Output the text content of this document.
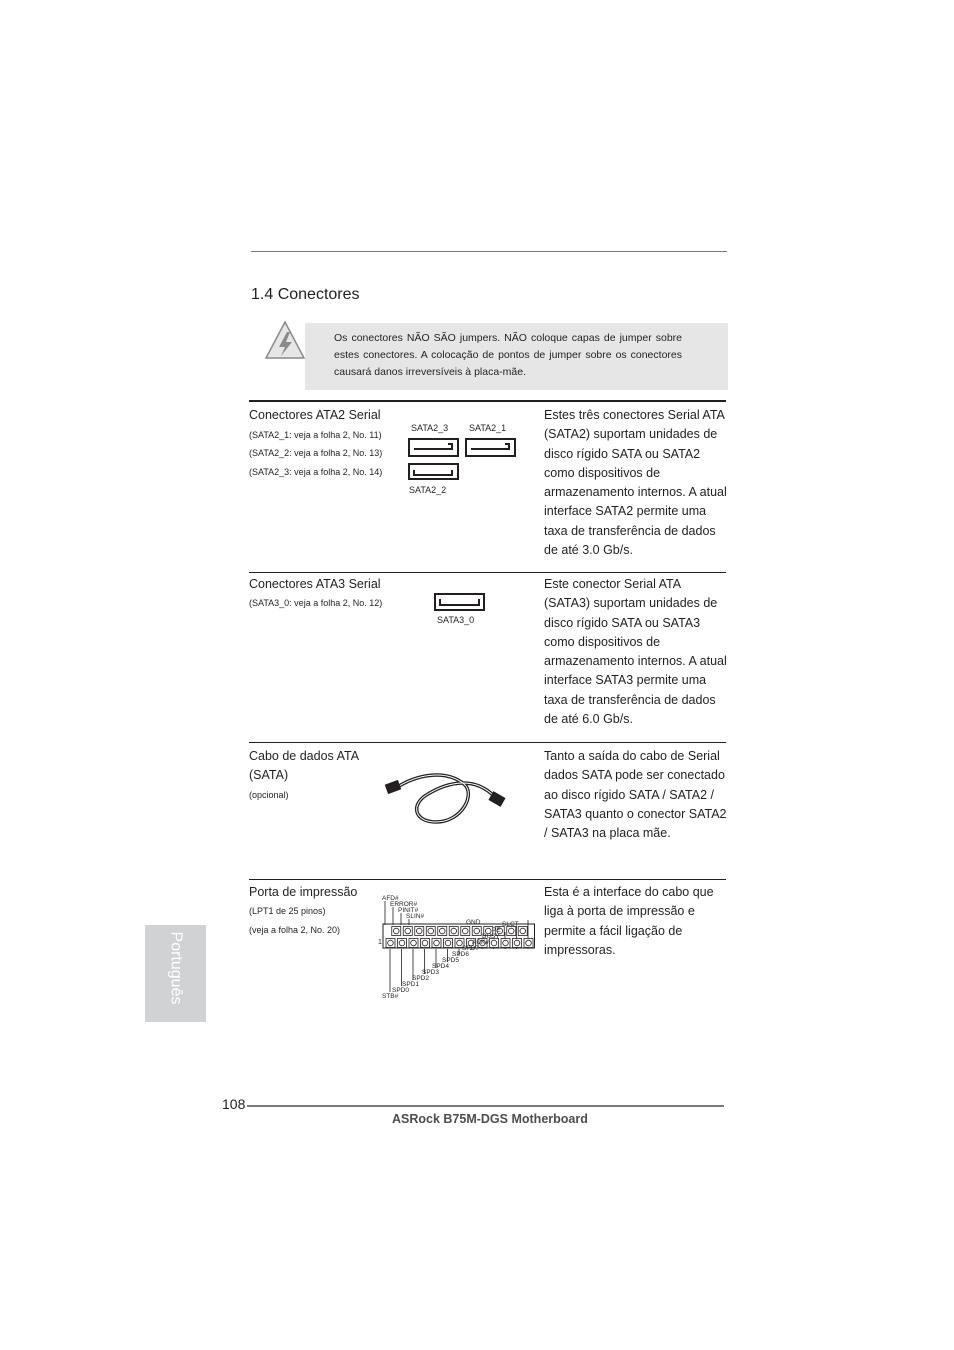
1.4 Conectores
Os conectores NÃO SÃO jumpers. NÃO coloque capas de jumper sobre estes conectores. A colocação de pontos de jumper sobre os conectores causará danos irreversíveis à placa-mãe.
Conectores ATA2 Serial
(SATA2_1: veja a folha 2, No. 11)
(SATA2_2: veja a folha 2, No. 13)
(SATA2_3: veja a folha 2, No. 14)
SATA2_3 SATA2_1
SATA2_2
Estes três conectores Serial ATA (SATA2) suportam unidades de disco rígido SATA ou SATA2 como dispositivos de armazenamento internos. A atual interface SATA2 permite uma taxa de transferência de dados de até 3.0 Gb/s.
Conectores ATA3 Serial
(SATA3_0: veja a folha 2, No. 12)
SATA3_0
Este conector Serial ATA (SATA3) suportam unidades de disco rígido SATA ou SATA3 como dispositivos de armazenamento internos. A atual interface SATA3 permite uma taxa de transferência de dados de até 6.0 Gb/s.
Cabo de dados ATA (SATA)
(opcional)
Tanto a saída do cabo de Serial dados SATA pode ser conectado ao disco rígido SATA / SATA2 / SATA3 quanto o conector SATA2 / SATA3 na placa mãe.
Porta de impressão
(LPT1 de 25 pinos)
(veja a folha 2, No. 20)
AFD#
ERROR#
PINIT#
SLIN#
GND
STB#
SPD0
SPD1
SPD2
SPD3
SPD4
SPD5
SPD6
SPD7
ACK#
BUSY
PE
SLCT
1
Esta é a interface do cabo que liga à porta de impressão e permite a fácil ligação de impressoras.
Português
108
ASRock B75M-DGS Motherboard
